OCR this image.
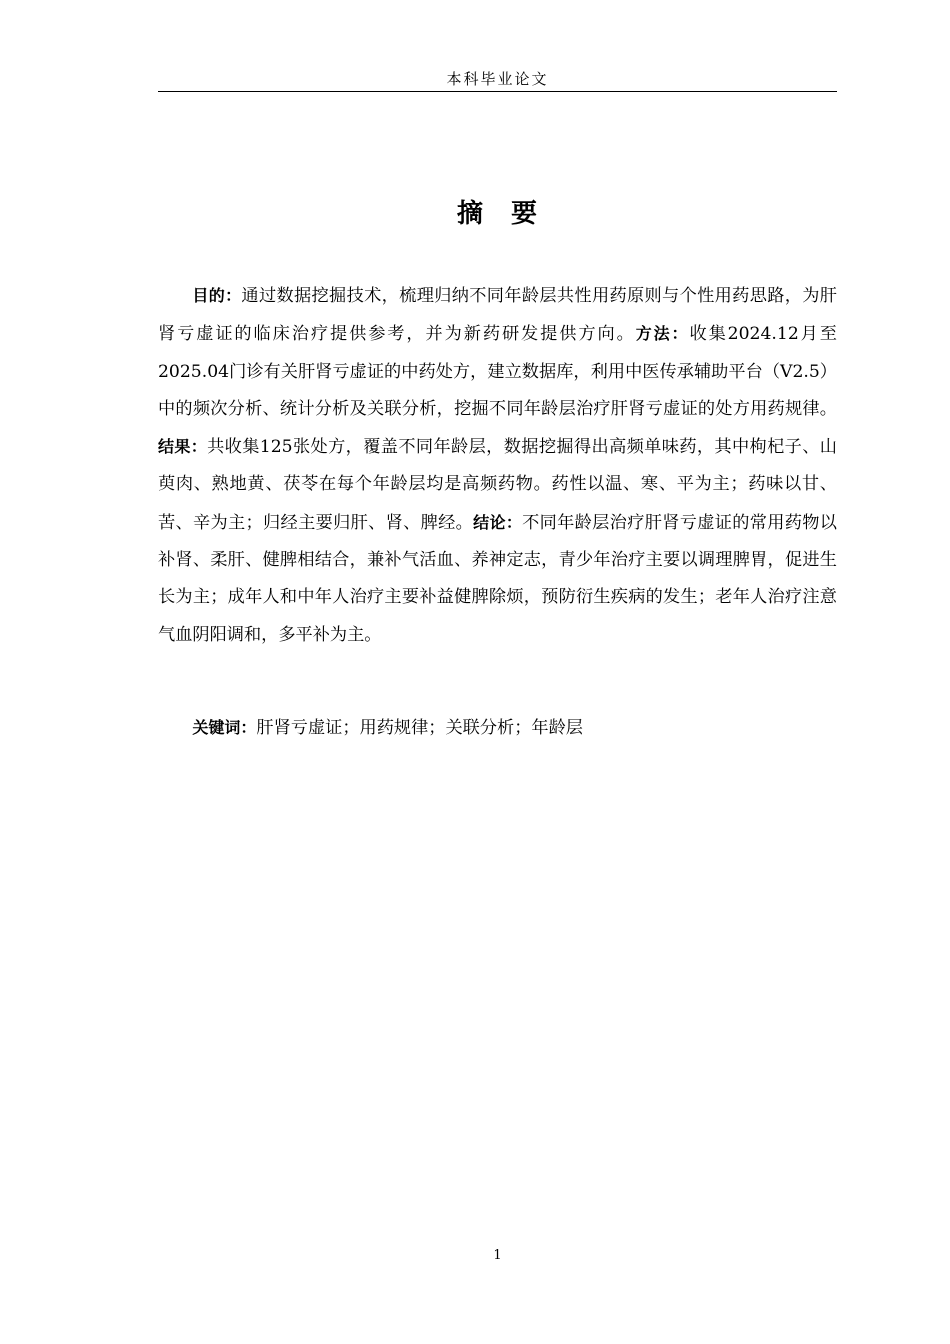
本科毕业论文
摘　要

目的：通过数据挖掘技术，梳理归纳不同年龄层共性用药原则与个性用药思路，为肝肾亏虚证的临床治疗提供参考，并为新药研发提供方向。方法：收集2024.12月至2025.04门诊有关肝肾亏虚证的中药处方，建立数据库，利用中医传承辅助平台（V2.5）中的频次分析、统计分析及关联分析，挖掘不同年龄层治疗肝肾亏虚证的处方用药规律。结果：共收集125张处方，覆盖不同年龄层，数据挖掘得出高频单味药，其中枸杞子、山萸肉、熟地黄、茯苓在每个年龄层均是高频药物。药性以温、寒、平为主；药味以甘、苦、辛为主；归经主要归肝、肾、脾经。结论：不同年龄层治疗肝肾亏虚证的常用药物以补肾、柔肝、健脾相结合，兼补气活血、养神定志，青少年治疗主要以调理脾胃，促进生长为主；成年人和中年人治疗主要补益健脾除烦，预防衍生疾病的发生；老年人治疗注意气血阴阳调和，多平补为主。

关键词：肝肾亏虚证；用药规律；关联分析；年龄层

1
